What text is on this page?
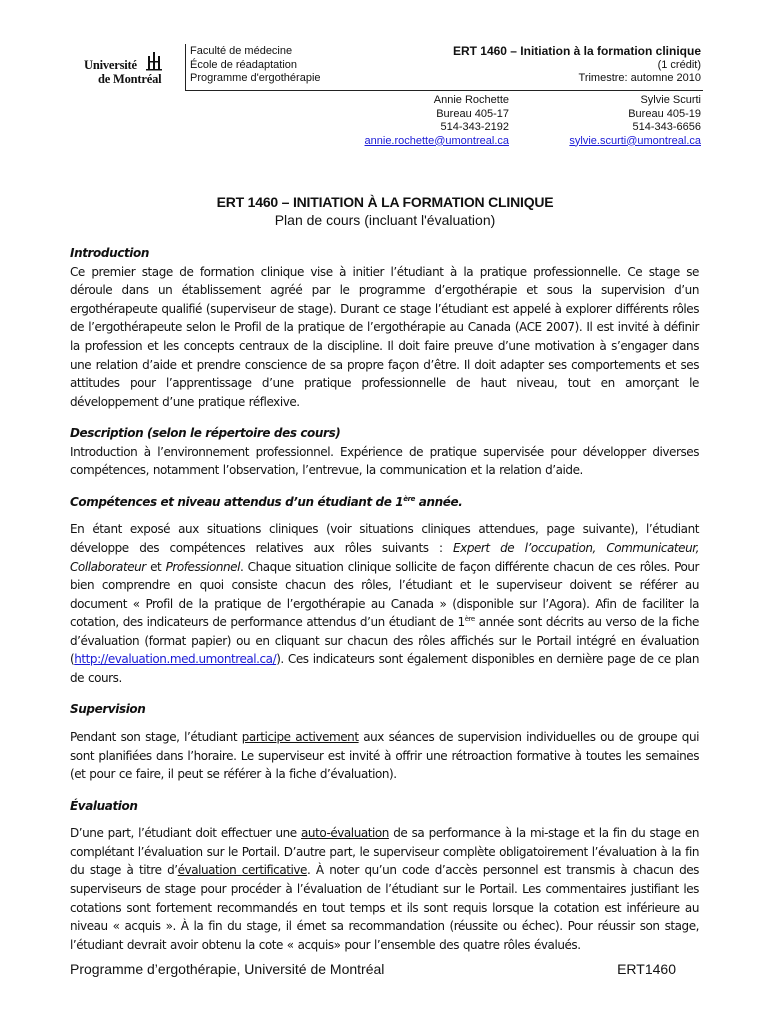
Université
de Montréal
Faculté de médecine
École de réadaptation
Programme d'ergothérapie
ERT 1460 – Initiation à la formation clinique
(1 crédit)
Trimestre: automne 2010
Annie Rochette
Bureau 405-17
514-343-2192
annie.rochette@umontreal.ca
Sylvie Scurti
Bureau 405-19
514-343-6656
sylvie.scurti@umontreal.ca
ERT 1460 – INITIATION À LA FORMATION CLINIQUE
Plan de cours (incluant l'évaluation)
Introduction

Ce premier stage de formation clinique vise à initier l’étudiant à la pratique professionnelle. Ce stage se déroule dans un établissement agréé par le programme d’ergothérapie et sous la supervision d’un ergothérapeute qualifié (superviseur de stage). Durant ce stage l’étudiant est appelé à explorer différents rôles de l’ergothérapeute selon le Profil de la pratique de l’ergothérapie au Canada (ACE 2007). Il est invité à définir la profession et les concepts centraux de la discipline. Il doit faire preuve d’une motivation à s’engager dans une relation d’aide et prendre conscience de sa propre façon d’être. Il doit adapter ses comportements et ses attitudes pour l’apprentissage d’une pratique professionnelle de haut niveau, tout en amorçant le développement d’une pratique réflexive.

Description (selon le répertoire des cours)

Introduction à l’environnement professionnel. Expérience de pratique supervisée pour développer diverses compétences, notamment l’observation, l’entrevue, la communication et la relation d’aide.

Compétences et niveau attendus d’un étudiant de 1ère année.

En étant exposé aux situations cliniques (voir situations cliniques attendues, page suivante), l’étudiant développe des compétences relatives aux rôles suivants : Expert de l’occupation, Communicateur, Collaborateur et Professionnel. Chaque situation clinique sollicite de façon différente chacun de ces rôles. Pour bien comprendre en quoi consiste chacun des rôles, l’étudiant et le superviseur doivent se référer au document « Profil de la pratique de l’ergothérapie au Canada » (disponible sur l’Agora). Afin de faciliter la cotation, des indicateurs de performance attendus d’un étudiant de 1ère année sont décrits au verso de la fiche d’évaluation (format papier) ou en cliquant sur chacun des rôles affichés sur le Portail intégré en évaluation (http://evaluation.med.umontreal.ca/). Ces indicateurs sont également disponibles en dernière page de ce plan de cours.

Supervision

Pendant son stage, l’étudiant participe activement aux séances de supervision individuelles ou de groupe qui sont planifiées dans l’horaire. Le superviseur est invité à offrir une rétroaction formative à toutes les semaines (et pour ce faire, il peut se référer à la fiche d’évaluation).

Évaluation

D’une part, l’étudiant doit effectuer une auto-évaluation de sa performance à la mi-stage et la fin du stage en complétant l’évaluation sur le Portail. D’autre part, le superviseur complète obligatoirement l’évaluation à la fin du stage à titre d’évaluation certificative. À noter qu’un code d’accès personnel est transmis à chacun des superviseurs de stage pour procéder à l’évaluation de l’étudiant sur le Portail. Les commentaires justifiant les cotations sont fortement recommandés en tout temps et ils sont requis lorsque la cotation est inférieure au niveau « acquis ». À la fin du stage, il émet sa recommandation (réussite ou échec). Pour réussir son stage, l’étudiant devrait avoir obtenu la cote « acquis» pour l’ensemble des quatre rôles évalués.

Programme d’ergothérapie, Université de Montréal	ERT1460
